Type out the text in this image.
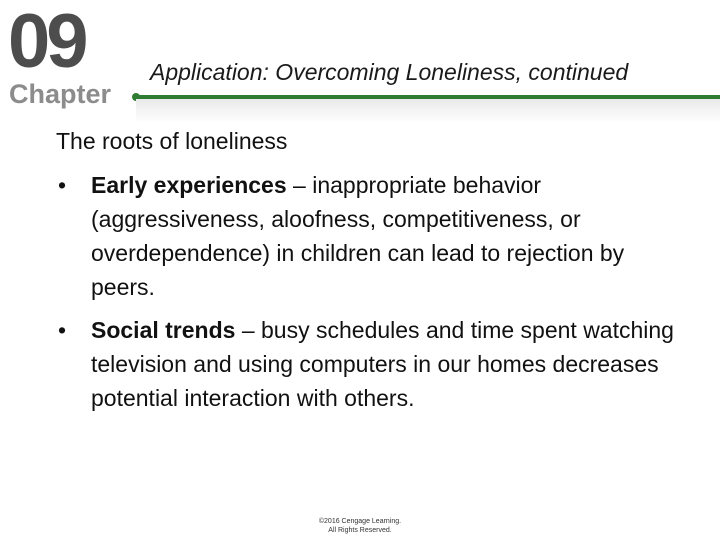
09
Chapter
Application: Overcoming Loneliness, continued
The roots of loneliness
•	Early experiences – inappropriate behavior (aggressiveness, aloofness, competitiveness, or overdependence) in children can lead to rejection by peers.
•	Social trends – busy schedules and time spent watching television and using computers in our homes decreases potential interaction with others.
©2016 Cengage Learning.
All Rights Reserved.
